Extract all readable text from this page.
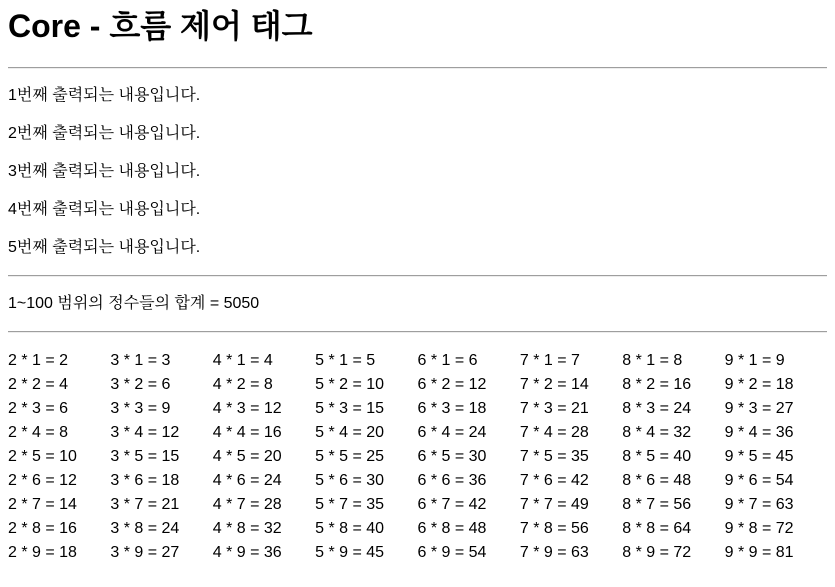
Core - 흐름 제어 태그

1번째 출력되는 내용입니다.

2번째 출력되는 내용입니다.

3번째 출력되는 내용입니다.

4번째 출력되는 내용입니다.

5번째 출력되는 내용입니다.

1~100 범위의 정수들의 합계 = 5050

2 * 1 = 2	3 * 1 = 3	4 * 1 = 4	5 * 1 = 5	6 * 1 = 6	7 * 1 = 7	8 * 1 = 8	9 * 1 = 9
2 * 2 = 4	3 * 2 = 6	4 * 2 = 8	5 * 2 = 10	6 * 2 = 12	7 * 2 = 14	8 * 2 = 16	9 * 2 = 18
2 * 3 = 6	3 * 3 = 9	4 * 3 = 12	5 * 3 = 15	6 * 3 = 18	7 * 3 = 21	8 * 3 = 24	9 * 3 = 27
2 * 4 = 8	3 * 4 = 12	4 * 4 = 16	5 * 4 = 20	6 * 4 = 24	7 * 4 = 28	8 * 4 = 32	9 * 4 = 36
2 * 5 = 10	3 * 5 = 15	4 * 5 = 20	5 * 5 = 25	6 * 5 = 30	7 * 5 = 35	8 * 5 = 40	9 * 5 = 45
2 * 6 = 12	3 * 6 = 18	4 * 6 = 24	5 * 6 = 30	6 * 6 = 36	7 * 6 = 42	8 * 6 = 48	9 * 6 = 54
2 * 7 = 14	3 * 7 = 21	4 * 7 = 28	5 * 7 = 35	6 * 7 = 42	7 * 7 = 49	8 * 7 = 56	9 * 7 = 63
2 * 8 = 16	3 * 8 = 24	4 * 8 = 32	5 * 8 = 40	6 * 8 = 48	7 * 8 = 56	8 * 8 = 64	9 * 8 = 72
2 * 9 = 18	3 * 9 = 27	4 * 9 = 36	5 * 9 = 45	6 * 9 = 54	7 * 9 = 63	8 * 9 = 72	9 * 9 = 81
